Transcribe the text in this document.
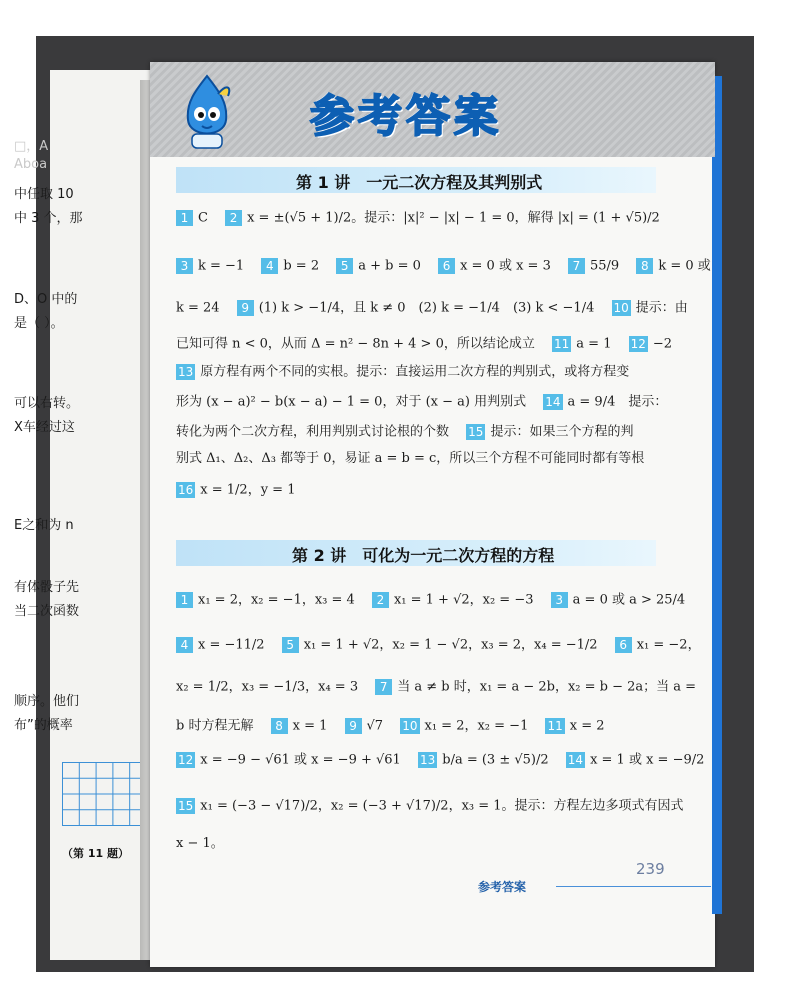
□，A
Aboa
中任取 10
中 3 个，那
D、O 中的
是（ ）。
可以右转。
X车经过这
E之和为 n
有体骰子先
当二次函数
顺序。他们
布”的概率
（第 11 题）
参考答案
第 1 讲　一元二次方程及其判别式
1 C　 2 x = ±(√5 + 1)/2。提示：|x|² − |x| − 1 = 0，解得 |x| = (1 + √5)/2
3 k = −1　 4 b = 2　 5 a + b = 0　 6 x = 0 或 x = 3　 7 55/9　 8 k = 0 或
k = 24　 9 (1) k > −1/4，且 k ≠ 0　(2) k = −1/4　(3) k < −1/4　 10 提示：由
已知可得 n < 0，从而 Δ = n² − 8n + 4 > 0，所以结论成立　 11 a = 1　 12 −2
13 原方程有两个不同的实根。提示：直接运用二次方程的判别式，或将方程变
形为 (x − a)² − b(x − a) − 1 = 0，对于 (x − a) 用判别式　 14 a = 9/4　提示：
转化为两个二次方程，利用判别式讨论根的个数　 15 提示：如果三个方程的判
别式 Δ₁、Δ₂、Δ₃ 都等于 0，易证 a = b = c，所以三个方程不可能同时都有等根
16 x = 1/2，y = 1
第 2 讲　可化为一元二次方程的方程
1 x₁ = 2，x₂ = −1，x₃ = 4　 2 x₁ = 1 + √2，x₂ = −3　 3 a = 0 或 a > 25/4
4 x = −11/2　 5 x₁ = 1 + √2，x₂ = 1 − √2，x₃ = 2，x₄ = −1/2　 6 x₁ = −2，
x₂ = 1/2，x₃ = −1/3，x₄ = 3　 7 当 a ≠ b 时，x₁ = a − 2b，x₂ = b − 2a；当 a =
b 时方程无解　 8 x = 1　 9 √7　 10 x₁ = 2，x₂ = −1　 11 x = 2
12 x = −9 − √61 或 x = −9 + √61　 13 b/a = (3 ± √5)/2　 14 x = 1 或 x = −9/2
15 x₁ = (−3 − √17)/2，x₂ = (−3 + √17)/2，x₃ = 1。提示：方程左边多项式有因式
x − 1。
239
参考答案
